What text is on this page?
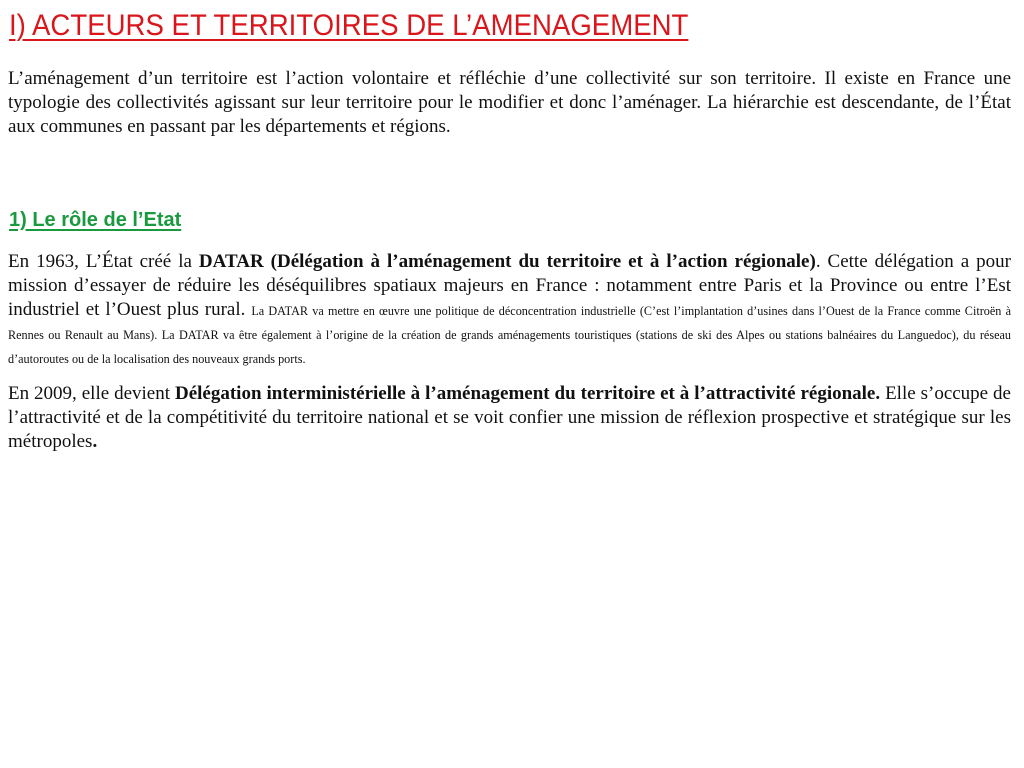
I) ACTEURS ET TERRITOIRES DE L’AMENAGEMENT

L’aménagement d’un territoire est l’action volontaire et réfléchie d’une collectivité sur son territoire. Il existe en France une typologie des collectivités agissant sur leur territoire pour le modifier et donc l’aménager. La hiérarchie est descendante, de l’État aux communes en passant par les départements et régions.

1) Le rôle de l’Etat

En 1963, L’État créé la DATAR (Délégation à l’aménagement du territoire et à l’action régionale). Cette délégation a pour mission d’essayer de réduire les déséquilibres spatiaux majeurs en France : notamment entre Paris et la Province ou entre l’Est industriel et l’Ouest plus rural. La DATAR va mettre en œuvre une politique de déconcentration industrielle (C’est l’implantation d’usines dans l’Ouest de la France comme Citroën à Rennes ou Renault au Mans). La DATAR va être également à l’origine de la création de grands aménagements touristiques (stations de ski des Alpes ou stations balnéaires du Languedoc), du réseau d’autoroutes ou de la localisation des nouveaux grands ports.

En 2009, elle devient Délégation interministérielle à l’aménagement du territoire et à l’attractivité régionale. Elle s’occupe de l’attractivité et de la compétitivité du territoire national et se voit confier une mission de réflexion prospective et stratégique sur les métropoles.
